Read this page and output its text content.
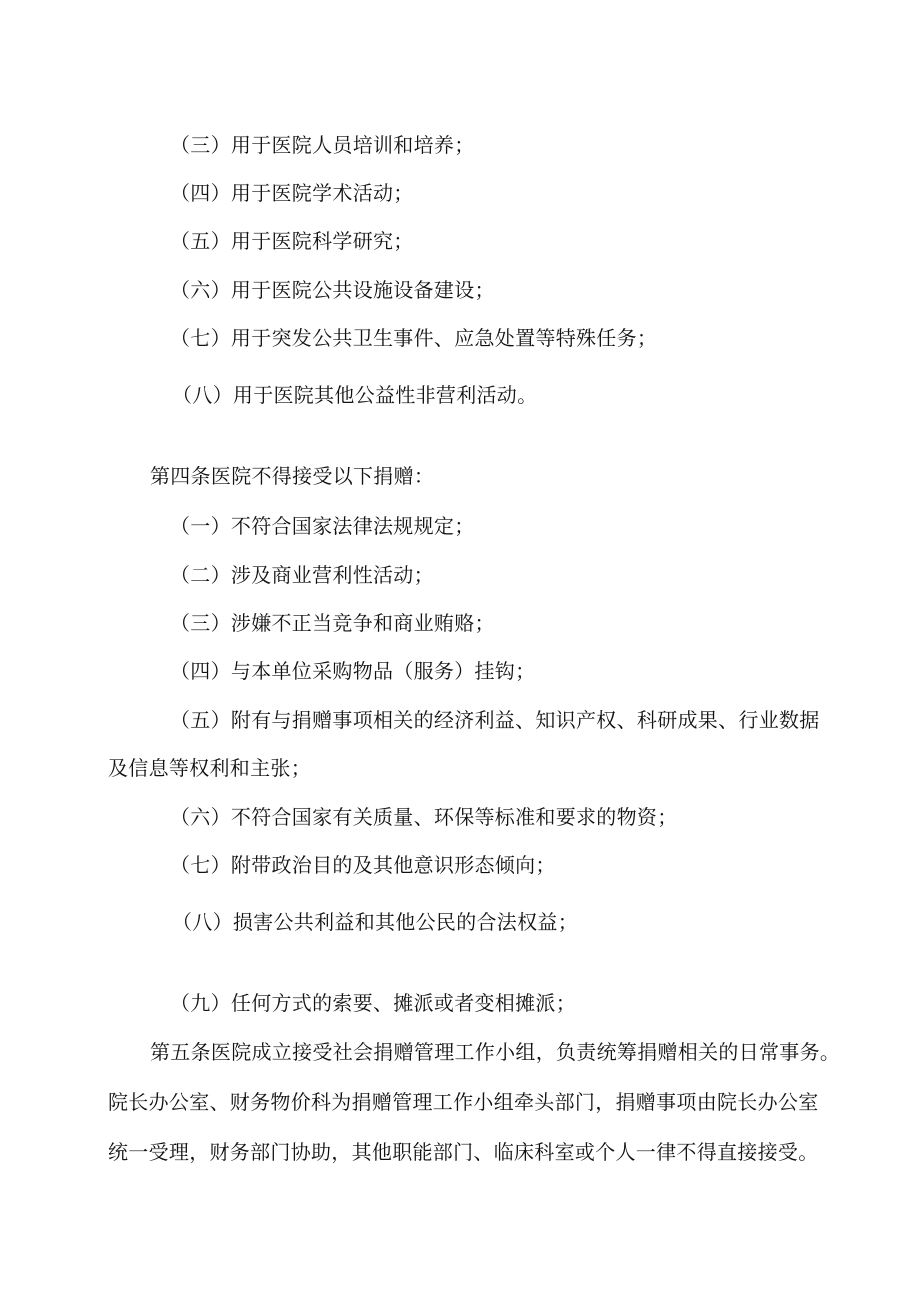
（三）用于医院人员培训和培养；
（四）用于医院学术活动；
（五）用于医院科学研究；
（六）用于医院公共设施设备建设；
（七）用于突发公共卫生事件、应急处置等特殊任务；
（八）用于医院其他公益性非营利活动。
第四条医院不得接受以下捐赠：
（一）不符合国家法律法规规定；
（二）涉及商业营利性活动；
（三）涉嫌不正当竞争和商业贿赂；
（四）与本单位采购物品（服务）挂钩；
（五）附有与捐赠事项相关的经济利益、知识产权、科研成果、行业数据
及信息等权利和主张；
（六）不符合国家有关质量、环保等标准和要求的物资；
（七）附带政治目的及其他意识形态倾向；
（八）损害公共利益和其他公民的合法权益；
（九）任何方式的索要、摊派或者变相摊派；
第五条医院成立接受社会捐赠管理工作小组，负责统筹捐赠相关的日常事务。
院长办公室、财务物价科为捐赠管理工作小组牵头部门，捐赠事项由院长办公室
统一受理，财务部门协助，其他职能部门、临床科室或个人一律不得直接接受。
